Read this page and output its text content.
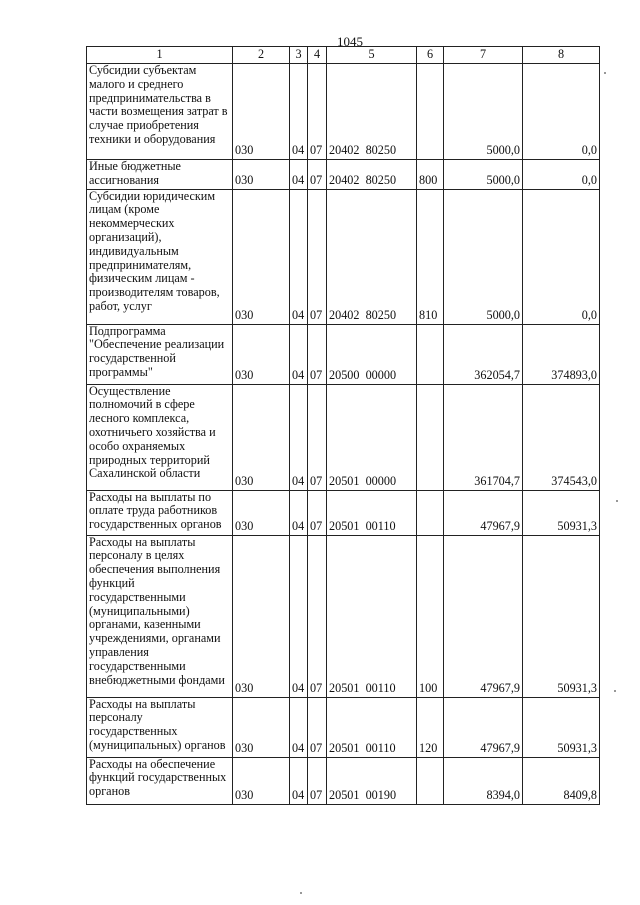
1045
1	2	3	4	5	6	7	8
Субсидии субъектам малого и среднего предпринимательства в части возмещения затрат в случае приобретения техники и оборудования	030	04	07	20402  80250		5000,0	0,0
Иные бюджетные ассигнования	030	04	07	20402  80250	800	5000,0	0,0
Субсидии юридическим лицам (кроме некоммерческих организаций), индивидуальным предпринимателям, физическим лицам - производителям товаров, работ, услуг	030	04	07	20402  80250	810	5000,0	0,0
Подпрограмма "Обеспечение реализации государственной программы"	030	04	07	20500  00000		362054,7	374893,0
Осуществление полномочий в сфере лесного комплекса, охотничьего хозяйства и особо охраняемых природных территорий Сахалинской области	030	04	07	20501  00000		361704,7	374543,0
Расходы на выплаты по оплате труда работников государственных органов	030	04	07	20501  00110		47967,9	50931,3
Расходы на выплаты персоналу в целях обеспечения выполнения функций государственными (муниципальными) органами, казенными учреждениями, органами управления государственными внебюджетными фондами	030	04	07	20501  00110	100	47967,9	50931,3
Расходы на выплаты персоналу государственных (муниципальных) органов	030	04	07	20501  00110	120	47967,9	50931,3
Расходы на обеспечение функций государственных органов	030	04	07	20501  00190		8394,0	8409,8
